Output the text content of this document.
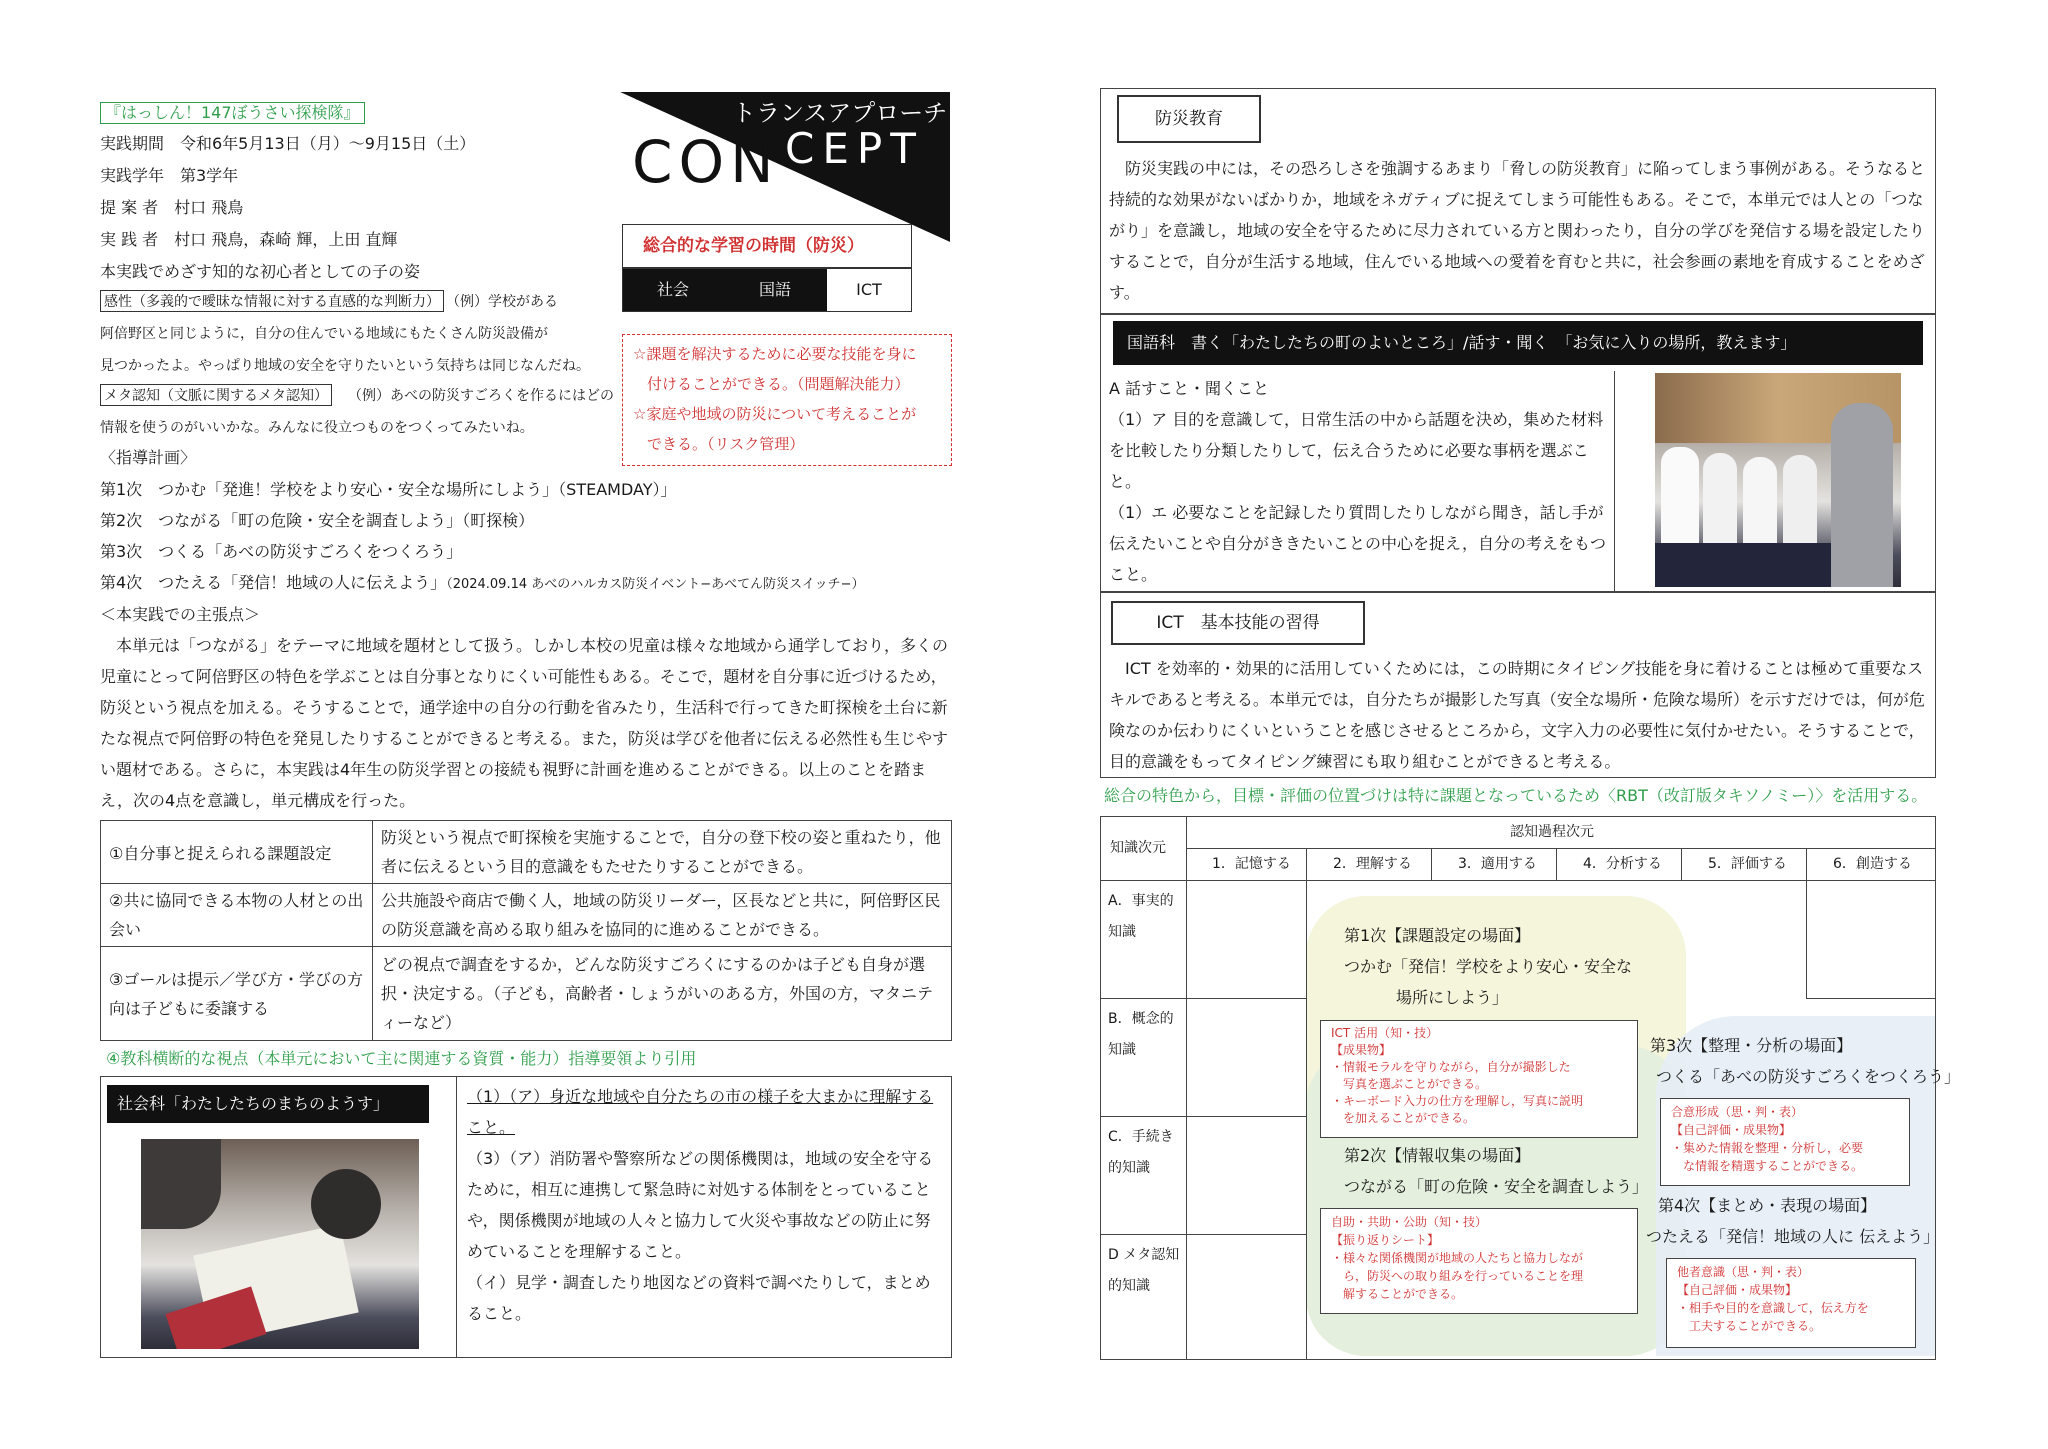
『はっしん！147ぼうさい探検隊』
実践期間　令和6年5月13日（月）～9月15日（土）
実践学年　第3学年
提 案 者　村口 飛鳥
実 践 者　村口 飛鳥，森崎 輝，上田 直輝
本実践でめざす知的な初心者としての子の姿
感性（多義的で曖昧な情報に対する直感的な判断力） （例）学校がある
阿倍野区と同じように，自分の住んでいる地域にもたくさん防災設備が
見つかったよ。やっぱり地域の安全を守りたいという気持ちは同じなんだね。
メタ認知（文脈に関するメタ認知） （例）あべの防災すごろくを作るにはどの
情報を使うのがいいかな。みんなに役立つものをつくってみたいね。
〈指導計画〉
第1次　つかむ「発進！学校をより安心・安全な場所にしよう」（STEAMDAY）」
第2次　つながる「町の危険・安全を調査しよう」（町探検）
第3次　つくる「あべの防災すごろくをつくろう」
第4次　つたえる「発信！地域の人に伝えよう」（2024.09.14 あべのハルカス防災イベント−あべてん防災スイッチ−）
＜本実践での主張点＞
　本単元は「つながる」をテーマに地域を題材として扱う。しかし本校の児童は様々な地域から通学しており，多くの児童にとって阿倍野区の特色を学ぶことは自分事となりにくい可能性もある。そこで，題材を自分事に近づけるため，防災という視点を加える。そうすることで，通学途中の自分の行動を省みたり，生活科で行ってきた町探検を土台に新たな視点で阿倍野の特色を発見したりすることができると考える。また，防災は学びを他者に伝える必然性も生じやすい題材である。さらに，本実践は4年生の防災学習との接続も視野に計画を進めることができる。以上のことを踏まえ，次の4点を意識し，単元構成を行った。
①自分事と捉えられる課題設定	防災という視点で町探検を実施することで，自分の登下校の姿と重ねたり，他者に伝えるという目的意識をもたせたりすることができる。
②共に協同できる本物の人材との出会い	公共施設や商店で働く人，地域の防災リーダー，区長などと共に，阿倍野区民の防災意識を高める取り組みを協同的に進めることができる。
③ゴールは提示／学び方・学びの方向は子どもに委譲する	どの視点で調査をするか，どんな防災すごろくにするのかは子ども自身が選択・決定する。（子ども，高齢者・しょうがいのある方，外国の方，マタニティーなど）
④教科横断的な視点（本単元において主に関連する資質・能力）指導要領より引用
社会科「わたしたちのまちのようす」	（1）（ア）身近な地域や自分たちの市の様子を大まかに理解すること。
（3）（ア）消防署や警察所などの関係機関は，地域の安全を守るために，相互に連携して緊急時に対処する体制をとっていることや，関係機関が地域の人々と協力して火災や事故などの防止に努めていることを理解すること。
（イ）見学・調査したり地図などの資料で調べたりして，まとめること。
トランスアプローチ
CON CEPT
総合的な学習の時間（防災）
社会	国語	ICT
☆課題を解決するために必要な技能を身に
付けることができる。（問題解決能力）
☆家庭や地域の防災について考えることが
できる。（リスク管理）
防災教育
　防災実践の中には，その恐ろしさを強調するあまり「脅しの防災教育」に陥ってしまう事例がある。そうなると持続的な効果がないばかりか，地域をネガティブに捉えてしまう可能性もある。そこで，本単元では人との「つながり」を意識し，地域の安全を守るために尽力されている方と関わったり，自分の学びを発信する場を設定したりすることで，自分が生活する地域，住んでいる地域への愛着を育むと共に，社会参画の素地を育成することをめざす。
国語科　書く「わたしたちの町のよいところ」/話す・聞く　「お気に入りの場所，教えます」
A 話すこと・聞くこと
（1）ア 目的を意識して，日常生活の中から話題を決め，集めた材料を比較したり分類したりして，伝え合うために必要な事柄を選ぶこと。
（1）エ 必要なことを記録したり質問したりしながら聞き，話し手が伝えたいことや自分がききたいことの中心を捉え，自分の考えをもつこと。
ICT　基本技能の習得
　ICT を効率的・効果的に活用していくためには，この時期にタイピング技能を身に着けることは極めて重要なスキルであると考える。本単元では，自分たちが撮影した写真（安全な場所・危険な場所）を示すだけでは，何が危険なのか伝わりにくいということを感じさせるところから，文字入力の必要性に気付かせたい。そうすることで，目的意識をもってタイピング練習にも取り組むことができると考える。
総合の特色から，目標・評価の位置づけは特に課題となっているため〈RBT（改訂版タキソノミー）〉を活用する。
知識次元
認知過程次元
1．記憶する	2．理解する	3．適用する	4．分析する	5．評価する	6．創造する
A．事実的知識
B．概念的知識
C．手続き的知識
D メタ認知的知識
第1次【課題設定の場面】
つかむ「発信！学校をより安心・安全な
場所にしよう」
ICT 活用（知・技）
【成果物】
・情報モラルを守りながら，自分が撮影した
　写真を選ぶことができる。
・キーボード入力の仕方を理解し，写真に説明
　を加えることができる。
第2次【情報収集の場面】
つながる「町の危険・安全を調査しよう」
自助・共助・公助（知・技）
【振り返りシート】
・様々な関係機関が地域の人たちと協力しなが
　ら，防災への取り組みを行っていることを理
　解することができる。
第3次【整理・分析の場面】
つくる「あべの防災すごろくをつくろう」
合意形成（思・判・表）
【自己評価・成果物】
・集めた情報を整理・分析し，必要
　な情報を精選することができる。
第4次【まとめ・表現の場面】
つたえる「発信！地域の人に 伝えよう」
他者意識（思・判・表）
【自己評価・成果物】
・相手や目的を意識して，伝え方を
　工夫することができる。
